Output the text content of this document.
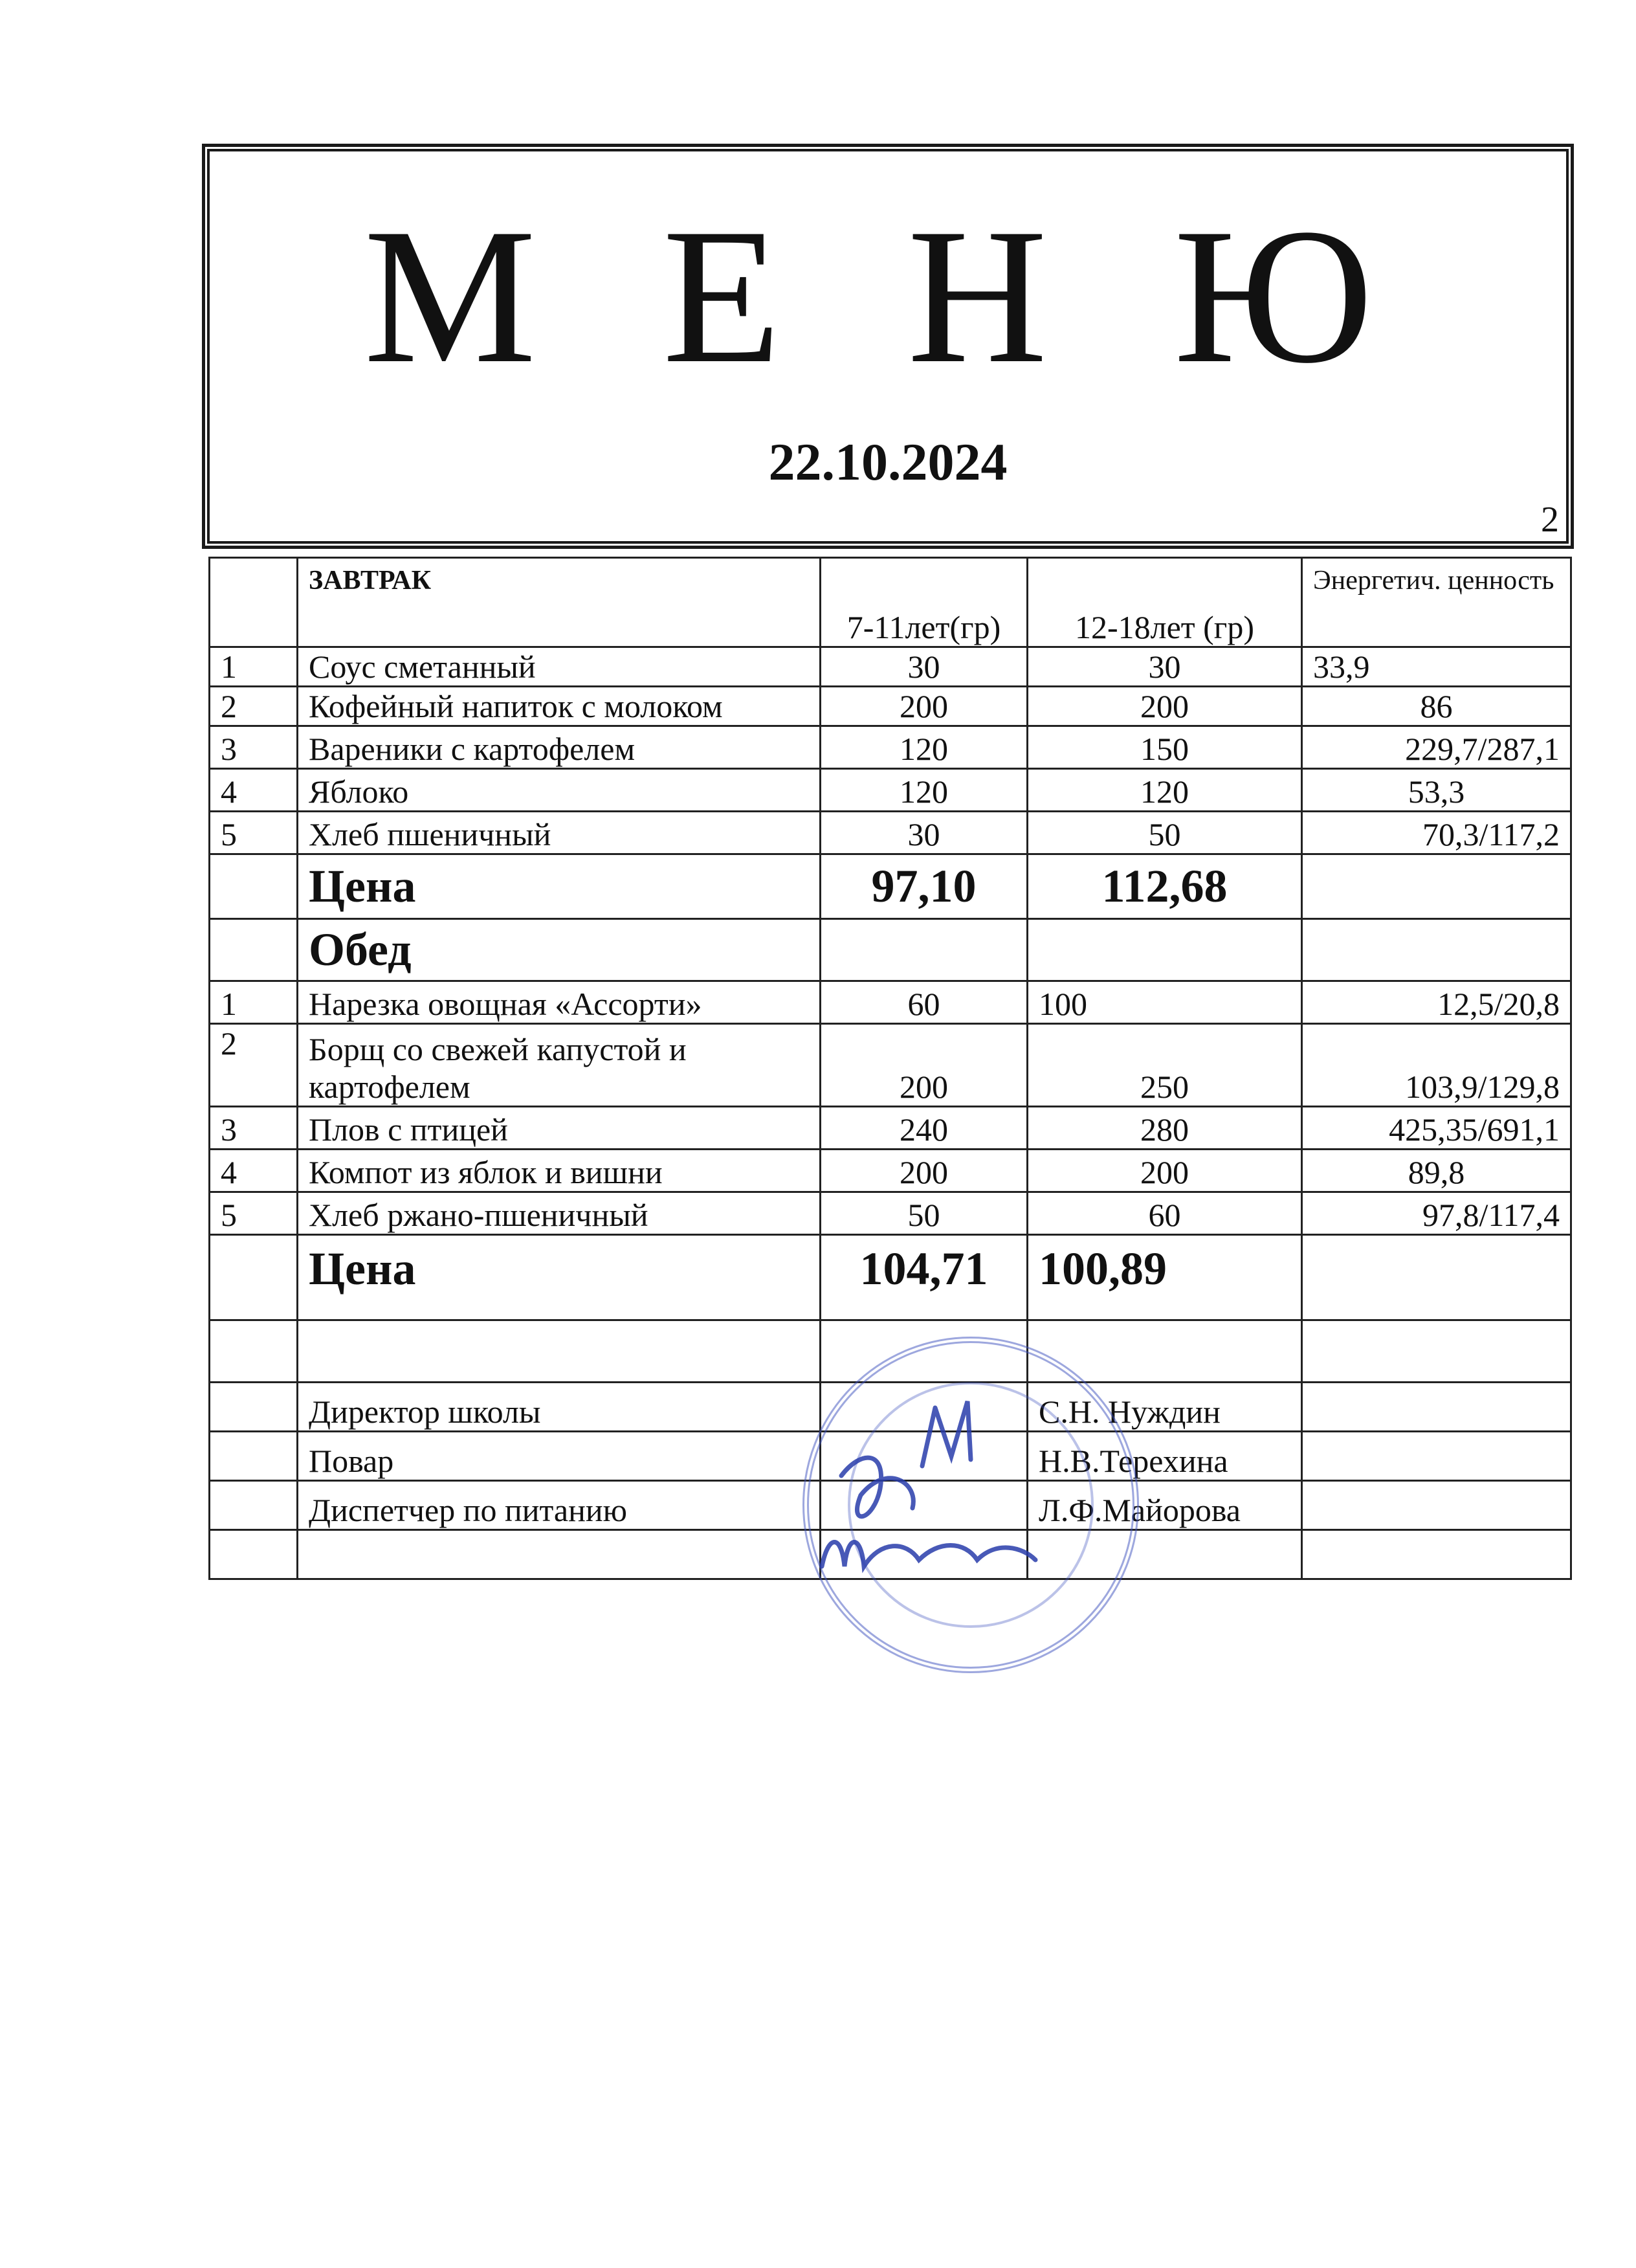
М Е Н Ю
22.10.2024
2
	ЗАВТРАК	7-11лет(гр)	12-18лет (гр)	Энергетич. ценность
1	Соус сметанный	30	30	33,9
2	Кофейный напиток с молоком	200	200	86
3	Вареники с картофелем	120	150	229,7/287,1
4	Яблоко	120	120	53,3
5	Хлеб пшеничный	30	50	70,3/117,2
	Цена	97,10	112,68	
	Обед			
1	Нарезка овощная «Ассорти»	60	100	12,5/20,8
2	Борщ со свежей капустой и
картофелем	200	250	103,9/129,8
3	Плов с птицей	240	280	425,35/691,1
4	Компот из яблок и вишни	200	200	89,8
5	Хлеб ржано-пшеничный	50	60	97,8/117,4
	Цена	104,71	100,89	

	Директор школы		С.Н. Нуждин	
	Повар		Н.В.Терехина	
	Диспетчер по питанию		Л.Ф.Майорова	
